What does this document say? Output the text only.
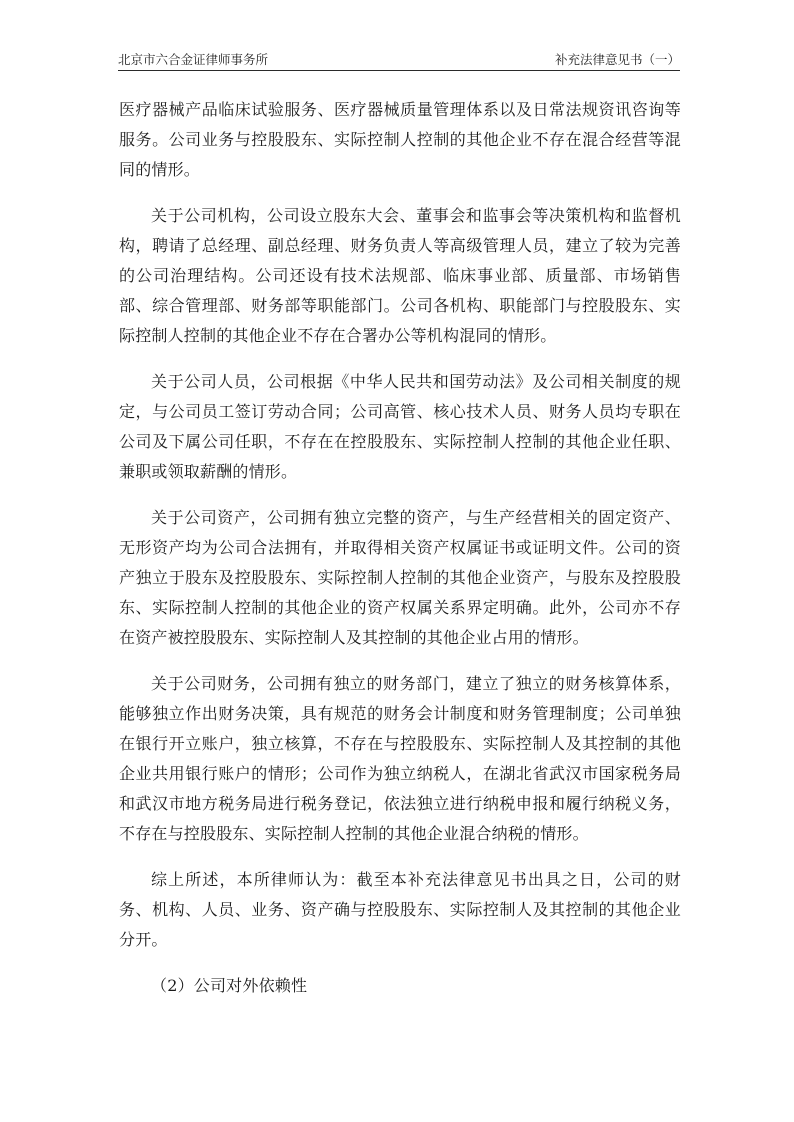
北京市六合金证律师事务所	补充法律意见书（一）

医疗器械产品临床试验服务、医疗器械质量管理体系以及日常法规资讯咨询等服务。公司业务与控股股东、实际控制人控制的其他企业不存在混合经营等混同的情形。

关于公司机构，公司设立股东大会、董事会和监事会等决策机构和监督机构，聘请了总经理、副总经理、财务负责人等高级管理人员，建立了较为完善的公司治理结构。公司还设有技术法规部、临床事业部、质量部、市场销售部、综合管理部、财务部等职能部门。公司各机构、职能部门与控股股东、实际控制人控制的其他企业不存在合署办公等机构混同的情形。

关于公司人员，公司根据《中华人民共和国劳动法》及公司相关制度的规定，与公司员工签订劳动合同；公司高管、核心技术人员、财务人员均专职在公司及下属公司任职，不存在在控股股东、实际控制人控制的其他企业任职、兼职或领取薪酬的情形。

关于公司资产，公司拥有独立完整的资产，与生产经营相关的固定资产、无形资产均为公司合法拥有，并取得相关资产权属证书或证明文件。公司的资产独立于股东及控股股东、实际控制人控制的其他企业资产，与股东及控股股东、实际控制人控制的其他企业的资产权属关系界定明确。此外，公司亦不存在资产被控股股东、实际控制人及其控制的其他企业占用的情形。

关于公司财务，公司拥有独立的财务部门，建立了独立的财务核算体系，能够独立作出财务决策，具有规范的财务会计制度和财务管理制度；公司单独在银行开立账户，独立核算，不存在与控股股东、实际控制人及其控制的其他企业共用银行账户的情形；公司作为独立纳税人，在湖北省武汉市国家税务局和武汉市地方税务局进行税务登记，依法独立进行纳税申报和履行纳税义务，不存在与控股股东、实际控制人控制的其他企业混合纳税的情形。

综上所述，本所律师认为：截至本补充法律意见书出具之日，公司的财务、机构、人员、业务、资产确与控股股东、实际控制人及其控制的其他企业分开。

（2）公司对外依赖性
